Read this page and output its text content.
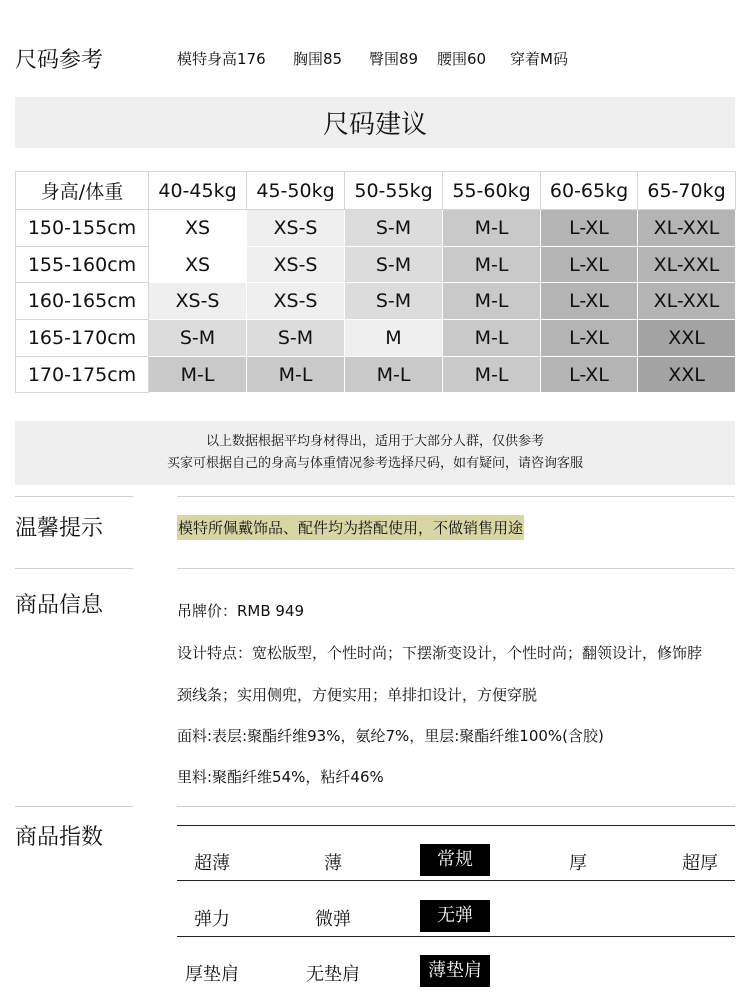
尺码参考	模特身高176 胸围85 臀围89 腰围60 穿着M码
尺码建议
身高/体重	40-45kg	45-50kg	50-55kg	55-60kg	60-65kg	65-70kg
150-155cm	XS	XS-S	S-M	M-L	L-XL	XL-XXL
155-160cm	XS	XS-S	S-M	M-L	L-XL	XL-XXL
160-165cm	XS-S	XS-S	S-M	M-L	L-XL	XL-XXL
165-170cm	S-M	S-M	M	M-L	L-XL	XXL
170-175cm	M-L	M-L	M-L	M-L	L-XL	XXL
以上数据根据平均身材得出，适用于大部分人群，仅供参考
买家可根据自己的身高与体重情况参考选择尺码，如有疑问，请咨询客服
温馨提示	模特所佩戴饰品、配件均为搭配使用，不做销售用途
商品信息	吊牌价：RMB 949

设计特点：宽松版型，个性时尚；下摆渐变设计，个性时尚；翻领设计，修饰脖

颈线条；实用侧兜，方便实用；单排扣设计，方便穿脱

面料:表层:聚酯纤维93%，氨纶7%，里层:聚酯纤维100%(含胶)

里料:聚酯纤维54%，粘纤46%

商品指数
超薄	薄	常规	厚	超厚
弹力	微弹	无弹
厚垫肩	无垫肩	薄垫肩
